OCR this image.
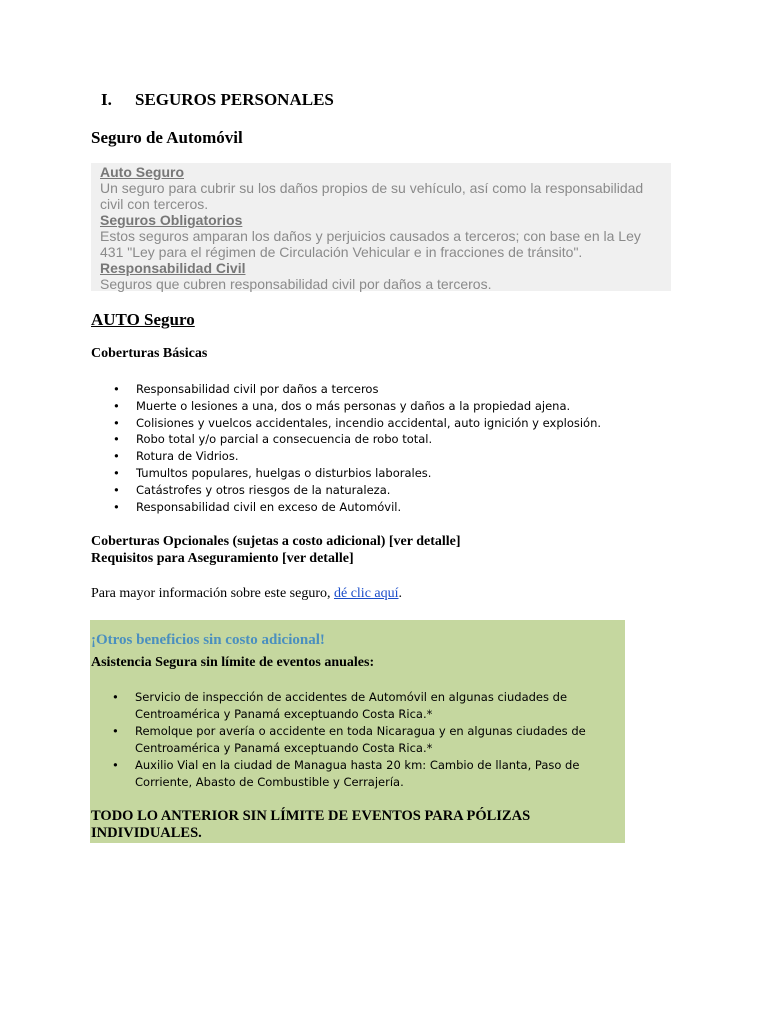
I. SEGUROS PERSONALES
Seguro de Automóvil
Auto Seguro
Un seguro para cubrir su los daños propios de su vehículo, así como la responsabilidad civil con terceros.
Seguros Obligatorios
Estos seguros amparan los daños y perjuicios causados a terceros; con base en la Ley 431 "Ley para el régimen de Circulación Vehicular e in fracciones de tránsito".
Responsabilidad Civil
Seguros que cubren responsabilidad civil por daños a terceros.
AUTO Seguro
Coberturas Básicas
• Responsabilidad civil por daños a terceros
• Muerte o lesiones a una, dos o más personas y daños a la propiedad ajena.
• Colisiones y vuelcos accidentales, incendio accidental, auto ignición y explosión.
• Robo total y/o parcial a consecuencia de robo total.
• Rotura de Vidrios.
• Tumultos populares, huelgas o disturbios laborales.
• Catástrofes y otros riesgos de la naturaleza.
• Responsabilidad civil en exceso de Automóvil.
Coberturas Opcionales (sujetas a costo adicional) [ver detalle]
Requisitos para Aseguramiento [ver detalle]
Para mayor información sobre este seguro, dé clic aquí.
¡Otros beneficios sin costo adicional!
Asistencia Segura sin límite de eventos anuales:
• Servicio de inspección de accidentes de Automóvil en algunas ciudades de Centroamérica y Panamá exceptuando Costa Rica.*
• Remolque por avería o accidente en toda Nicaragua y en algunas ciudades de Centroamérica y Panamá exceptuando Costa Rica.*
• Auxilio Vial en la ciudad de Managua hasta 20 km: Cambio de llanta, Paso de Corriente, Abasto de Combustible y Cerrajería.
TODO LO ANTERIOR SIN LÍMITE DE EVENTOS PARA PÓLIZAS INDIVIDUALES.
